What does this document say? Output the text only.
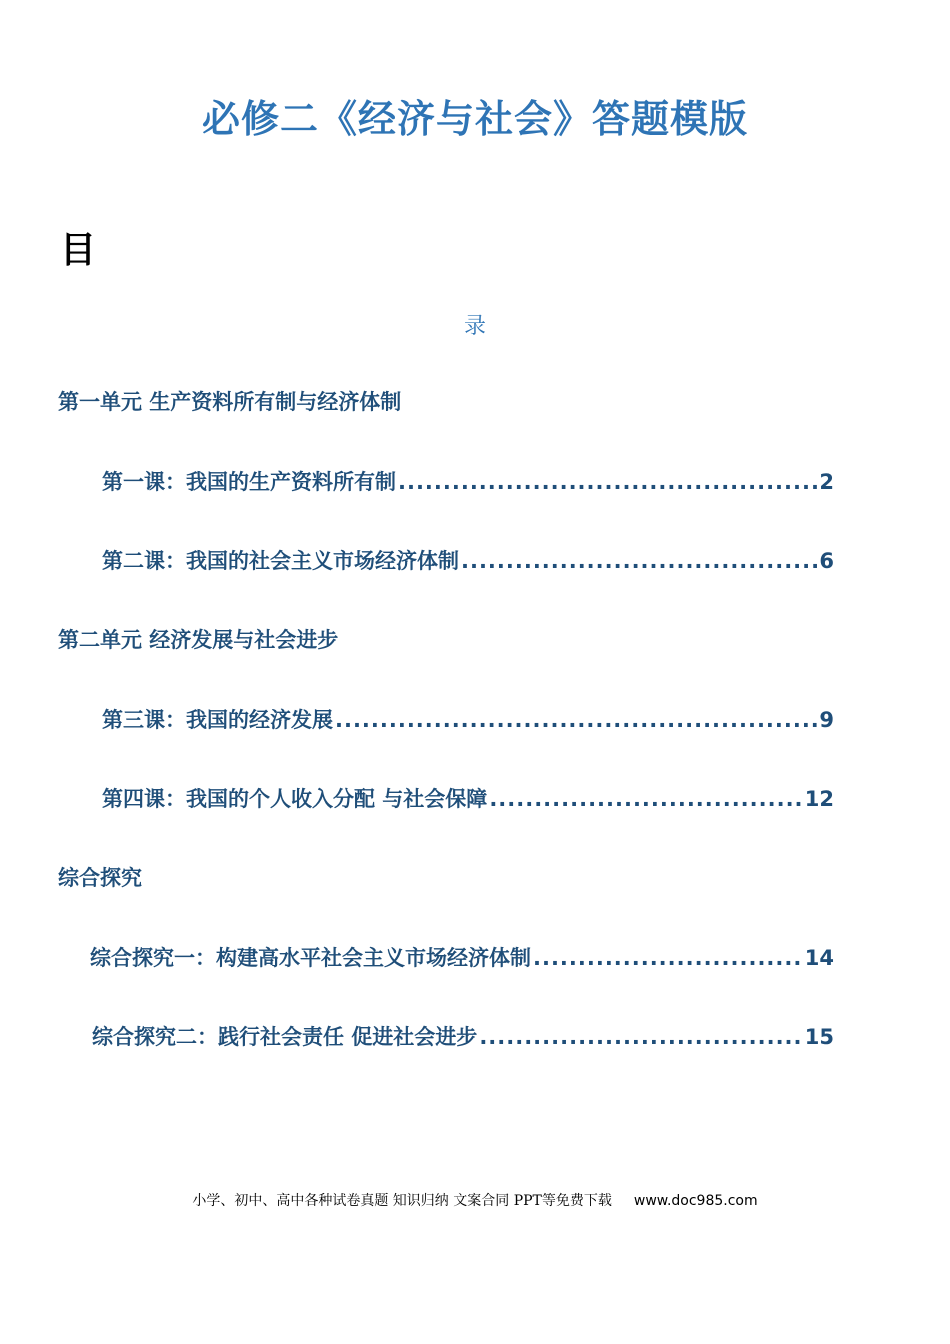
必修二《经济与社会》答题模版
目
录
第一单元 生产资料所有制与经济体制
第一课：我国的生产资料所有制 .....	2
第二课：我国的社会主义市场经济体制 .....	6
第二单元 经济发展与社会进步
第三课：我国的经济发展 .....	9
第四课：我国的个人收入分配 与社会保障 .....	12
综合探究
综合探究一：构建高水平社会主义市场经济体制 .....	14
综合探究二：践行社会责任 促进社会进步 .....	15
小学、初中、高中各种试卷真题 知识归纳 文案合同 PPT等免费下载 www.doc985.com
